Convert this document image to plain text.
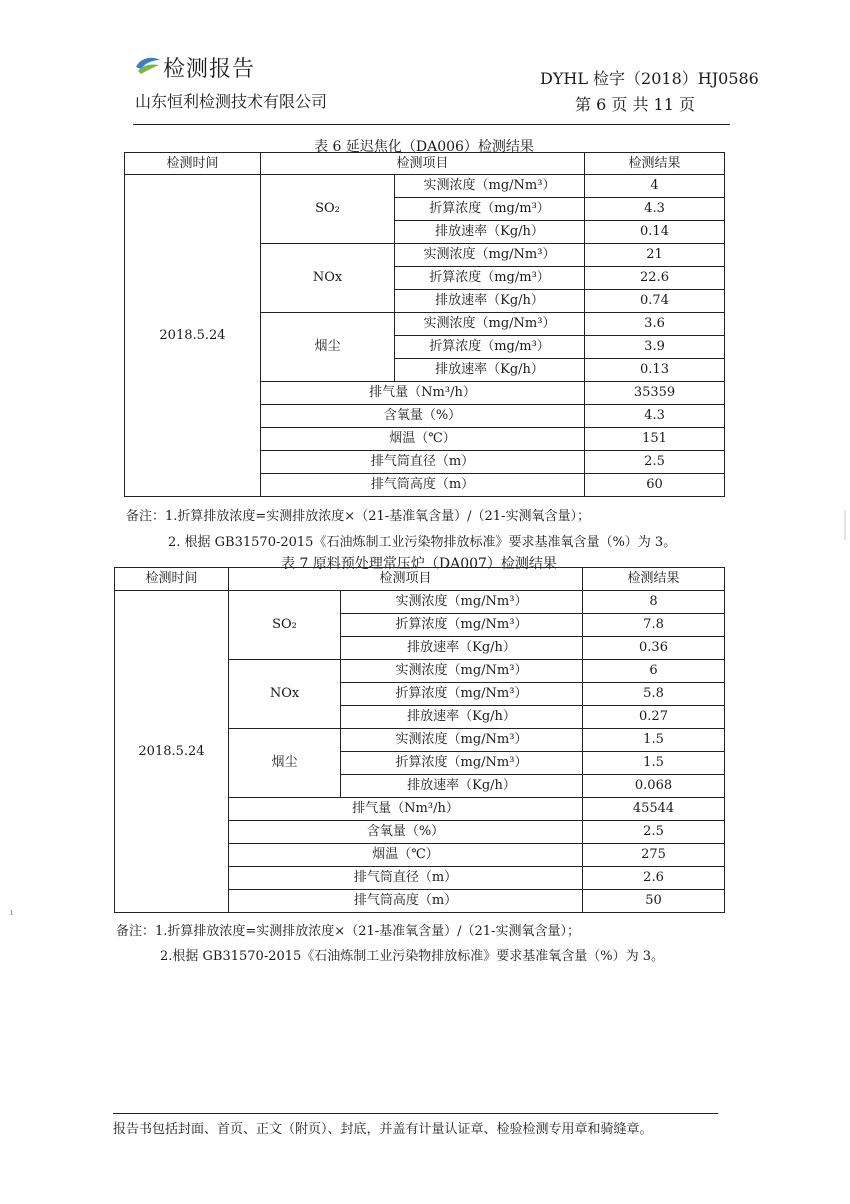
检测报告
山东恒利检测技术有限公司
DYHL 检字（2018）HJ0586
第 6 页 共 11 页
表 6 延迟焦化（DA006）检测结果
检测时间	检测项目		检测结果
2018.5.24	SO₂	实测浓度（mg/Nm³）	4
		折算浓度（mg/m³）	4.3
		排放速率（Kg/h）	0.14
	NOx	实测浓度（mg/Nm³）	21
		折算浓度（mg/m³）	22.6
		排放速率（Kg/h）	0.74
	烟尘	实测浓度（mg/Nm³）	3.6
		折算浓度（mg/m³）	3.9
		排放速率（Kg/h）	0.13
	排气量（Nm³/h）		35359
	含氧量（%）		4.3
	烟温（℃）		151
	排气筒直径（m）		2.5
	排气筒高度（m）		60
备注：1.折算排放浓度=实测排放浓度×（21-基准氧含量）/（21-实测氧含量）；
2. 根据 GB31570-2015《石油炼制工业污染物排放标准》要求基准氧含量（%）为 3。
表 7 原料预处理常压炉（DA007）检测结果
检测时间	检测项目		检测结果
2018.5.24	SO₂	实测浓度（mg/Nm³）	8
		折算浓度（mg/Nm³）	7.8
		排放速率（Kg/h）	0.36
	NOx	实测浓度（mg/Nm³）	6
		折算浓度（mg/Nm³）	5.8
		排放速率（Kg/h）	0.27
	烟尘	实测浓度（mg/Nm³）	1.5
		折算浓度（mg/Nm³）	1.5
		排放速率（Kg/h）	0.068
	排气量（Nm³/h）		45544
	含氧量（%）		2.5
	烟温（℃）		275
	排气筒直径（m）		2.6
	排气筒高度（m）		50
备注：1.折算排放浓度=实测排放浓度×（21-基准氧含量）/（21-实测氧含量）；
2.根据 GB31570-2015《石油炼制工业污染物排放标准》要求基准氧含量（%）为 3。
报告书包括封面、首页、正文（附页）、封底，并盖有计量认证章、检验检测专用章和骑缝章。
ı
